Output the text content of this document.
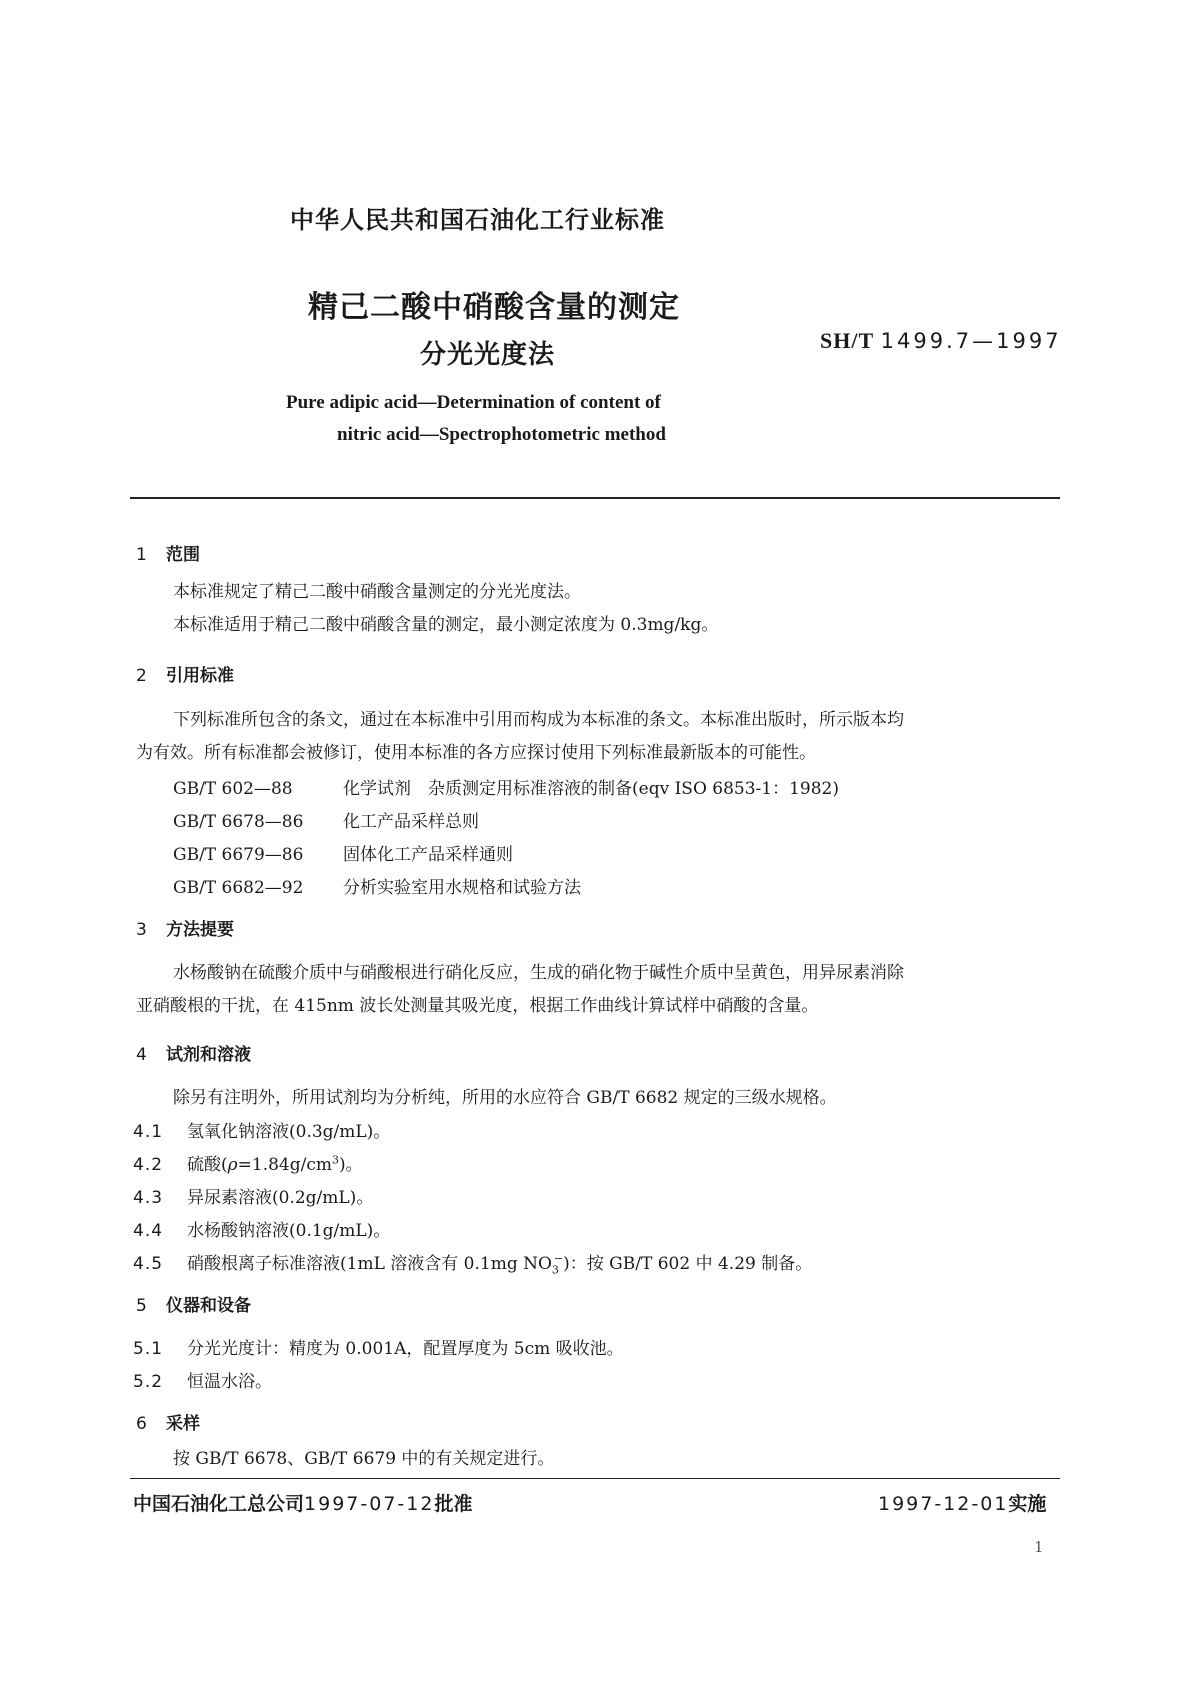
中华人民共和国石油化工行业标准
精己二酸中硝酸含量的测定
分光光度法	SH/T 1499.7—1997
Pure adipic acid—Determination of content of
nitric acid—Spectrophotometric method
1 范围
本标准规定了精己二酸中硝酸含量测定的分光光度法。
本标准适用于精己二酸中硝酸含量的测定，最小测定浓度为 0.3mg/kg。
2 引用标准
下列标准所包含的条文，通过在本标准中引用而构成为本标准的条文。本标准出版时，所示版本均
为有效。所有标准都会被修订，使用本标准的各方应探讨使用下列标准最新版本的可能性。
GB/T 602—88	化学试剂　杂质测定用标准溶液的制备(eqv ISO 6853-1：1982)
GB/T 6678—86 化工产品采样总则
GB/T 6679—86 固体化工产品采样通则
GB/T 6682—92 分析实验室用水规格和试验方法
3 方法提要
水杨酸钠在硫酸介质中与硝酸根进行硝化反应，生成的硝化物于碱性介质中呈黄色，用异尿素消除
亚硝酸根的干扰，在 415nm 波长处测量其吸光度，根据工作曲线计算试样中硝酸的含量。
4 试剂和溶液
除另有注明外，所用试剂均为分析纯，所用的水应符合 GB/T 6682 规定的三级水规格。
4.1 氢氧化钠溶液(0.3g/mL)。
4.2 硫酸$(\rho=1.84g/cm^3)$。
4.3 异尿素溶液(0.2g/mL)。
4.4 水杨酸钠溶液(0.1g/mL)。
4.5 硝酸根离子标准溶液(1mL 溶液含有 0.1mg $NO_3^-$)：按 GB/T 602 中 4.29 制备。
5 仪器和设备
5.1 分光光度计：精度为 0.001A，配置厚度为 5cm 吸收池。
5.2 恒温水浴。
6 采样
按 GB/T 6678、GB/T 6679 中的有关规定进行。
中国石油化工总公司1997-07-12批准	1997-12-01实施
1
